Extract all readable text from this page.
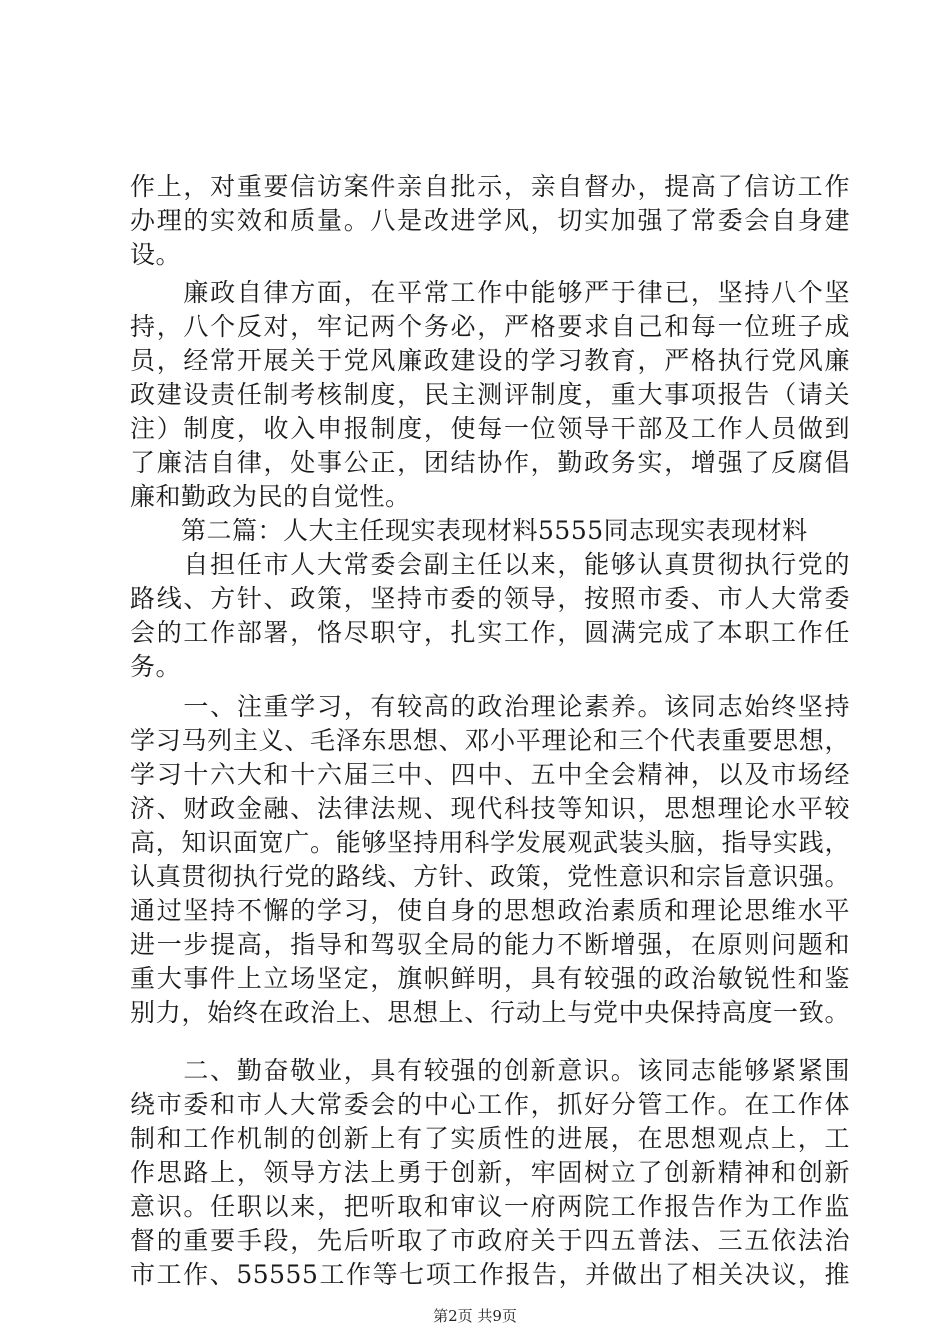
作上，对重要信访案件亲自批示，亲自督办，提高了信访工作
办理的实效和质量。八是改进学风，切实加强了常委会自身建
设。
　　廉政自律方面，在平常工作中能够严于律已，坚持八个坚
持，八个反对，牢记两个务必，严格要求自己和每一位班子成
员，经常开展关于党风廉政建设的学习教育，严格执行党风廉
政建设责任制考核制度，民主测评制度，重大事项报告（请关
注）制度，收入申报制度，使每一位领导干部及工作人员做到
了廉洁自律，处事公正，团结协作，勤政务实，增强了反腐倡
廉和勤政为民的自觉性。
　　第二篇：人大主任现实表现材料5555同志现实表现材料
　　自担任市人大常委会副主任以来，能够认真贯彻执行党的
路线、方针、政策，坚持市委的领导，按照市委、市人大常委
会的工作部署，恪尽职守，扎实工作，圆满完成了本职工作任
务。
　　一、注重学习，有较高的政治理论素养。该同志始终坚持
学习马列主义、毛泽东思想、邓小平理论和三个代表重要思想，
学习十六大和十六届三中、四中、五中全会精神，以及市场经
济、财政金融、法律法规、现代科技等知识，思想理论水平较
高，知识面宽广。能够坚持用科学发展观武装头脑，指导实践，
认真贯彻执行党的路线、方针、政策，党性意识和宗旨意识强。
通过坚持不懈的学习，使自身的思想政治素质和理论思维水平
进一步提高，指导和驾驭全局的能力不断增强，在原则问题和
重大事件上立场坚定，旗帜鲜明，具有较强的政治敏锐性和鉴
别力，始终在政治上、思想上、行动上与党中央保持高度一致。
　　二、勤奋敬业，具有较强的创新意识。该同志能够紧紧围
绕市委和市人大常委会的中心工作，抓好分管工作。在工作体
制和工作机制的创新上有了实质性的进展，在思想观点上，工
作思路上，领导方法上勇于创新，牢固树立了创新精神和创新
意识。任职以来，把听取和审议一府两院工作报告作为工作监
督的重要手段，先后听取了市政府关于四五普法、三五依法治
市工作、55555工作等七项工作报告，并做出了相关决议，推
第2页 共9页
